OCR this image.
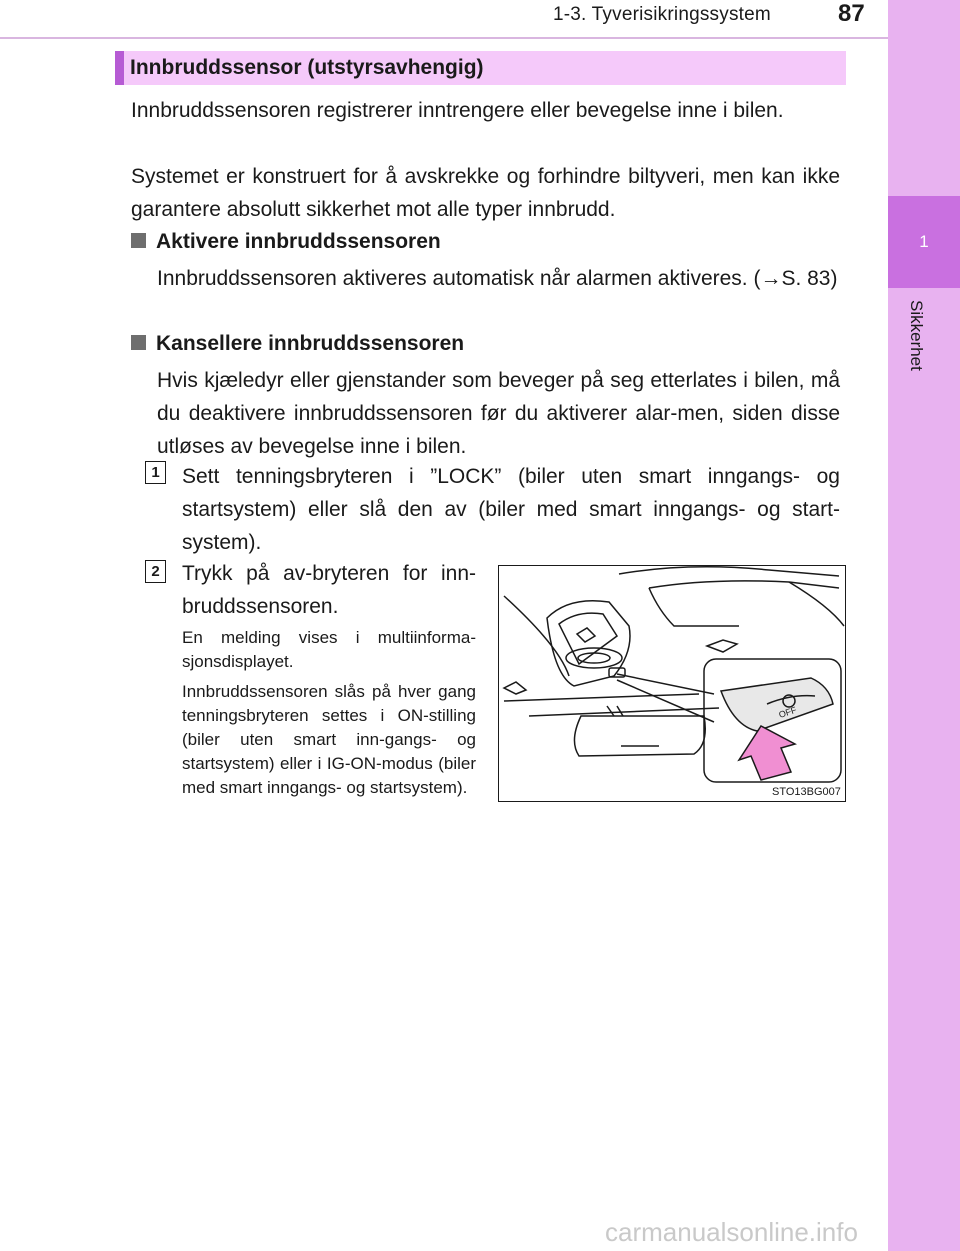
1-3. Tyverisikringssystem	87
1
Sikkerhet
Innbruddssensor (utstyrsavhengig)
Innbruddssensoren registrerer inntrengere eller bevegelse inne i bilen.
Systemet er konstruert for å avskrekke og forhindre biltyveri, men kan ikke garantere absolutt sikkerhet mot alle typer innbrudd.
Aktivere innbruddssensoren
Innbruddssensoren aktiveres automatisk når alarmen aktiveres. (→S. 83)
Kansellere innbruddssensoren
Hvis kjæledyr eller gjenstander som beveger på seg etterlates i bilen, må du deaktivere innbruddssensoren før du aktiverer alar-men, siden disse utløses av bevegelse inne i bilen.
1	Sett tenningsbryteren i ”LOCK” (biler uten smart inngangs- og startsystem) eller slå den av (biler med smart inngangs- og start-system).
2	Trykk på av-bryteren for inn-bruddssensoren.
En melding vises i multiinforma-sjonsdisplayet.
Innbruddssensoren slås på hver gang tenningsbryteren settes i ON-stilling (biler uten smart inn-gangs- og startsystem) eller i IG-ON-modus (biler med smart inngangs- og startsystem).
OFF
STO13BG007
carmanualsonline.info
